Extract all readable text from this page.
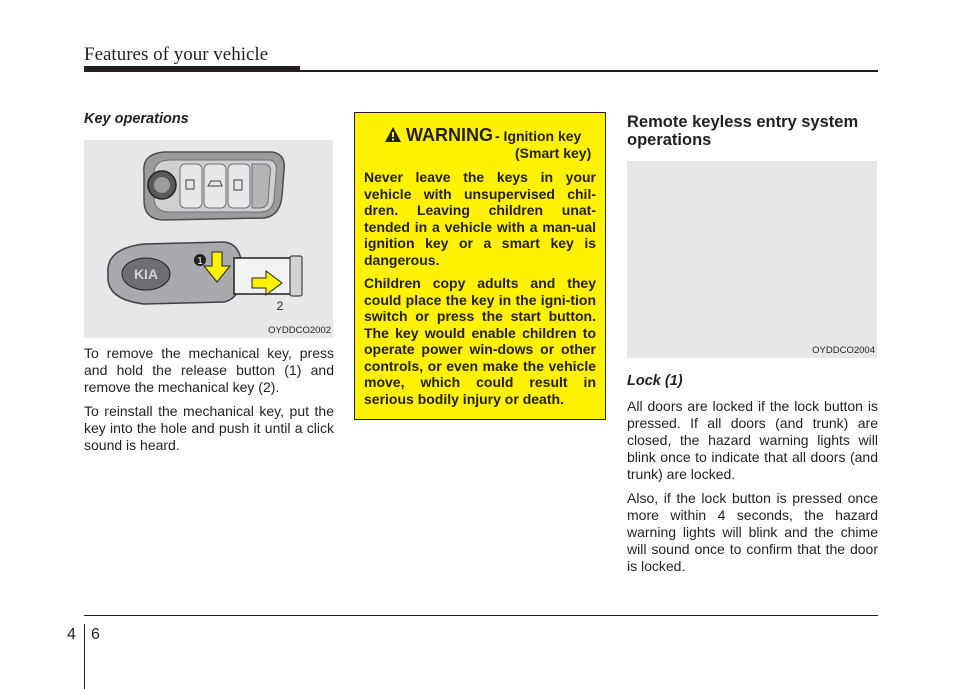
Features of your vehicle
Key operations
KIA
1
2
OYDDCO2002

To remove the mechanical key, press and hold the release button (1) and remove the mechanical key (2).

To reinstall the mechanical key, put the key into the hole and push it until a click sound is heard.

WARNING - Ignition key
(Smart key)

Never leave the keys in your vehicle with unsupervised chil-dren. Leaving children unat-tended in a vehicle with a man-ual ignition key or a smart key is dangerous.

Children copy adults and they could place the key in the igni-tion switch or press the start button. The key would enable children to operate power win-dows or other controls, or even make the vehicle move, which could result in serious bodily injury or death.

Remote keyless entry system operations
OYDDCO2004
Lock (1)

All doors are locked if the lock button is pressed. If all doors (and trunk) are closed, the hazard warning lights will blink once to indicate that all doors (and trunk) are locked.

Also, if the lock button is pressed once more within 4 seconds, the hazard warning lights will blink and the chime will sound once to confirm that the door is locked.

4 6
